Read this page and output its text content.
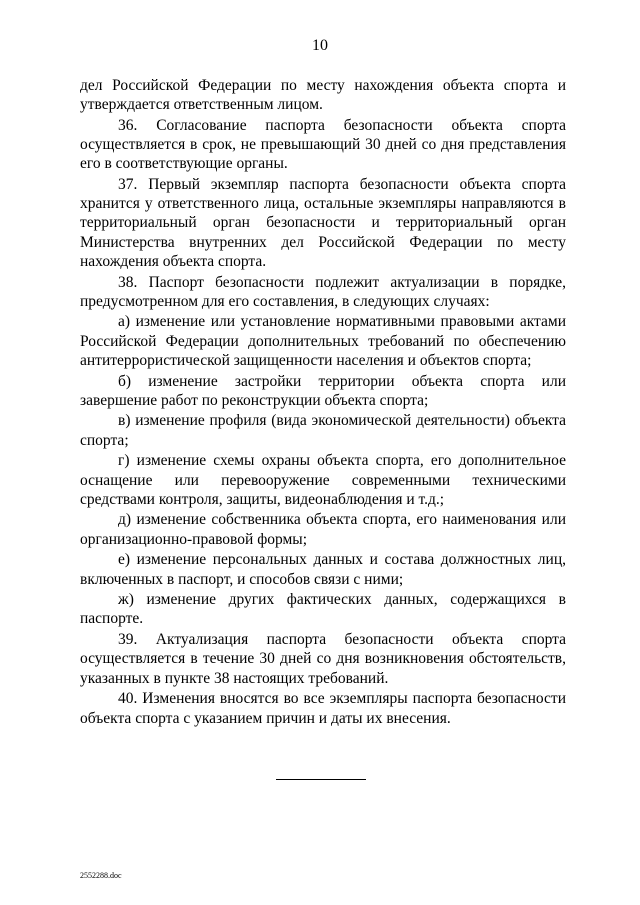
10

дел Российской Федерации по месту нахождения объекта спорта и утверждается ответственным лицом.

36. Согласование паспорта безопасности объекта спорта осуществляется в срок, не превышающий 30 дней со дня представления его в соответствующие органы.

37. Первый экземпляр паспорта безопасности объекта спорта хранится у ответственного лица, остальные экземпляры направляются в территориальный орган безопасности и территориальный орган Министерства внутренних дел Российской Федерации по месту нахождения объекта спорта.

38. Паспорт безопасности подлежит актуализации в порядке, предусмотренном для его составления, в следующих случаях:

а) изменение или установление нормативными правовыми актами Российской Федерации дополнительных требований по обеспечению антитеррористической защищенности населения и объектов спорта;

б) изменение застройки территории объекта спорта или завершение работ по реконструкции объекта спорта;

в) изменение профиля (вида экономической деятельности) объекта спорта;

г) изменение схемы охраны объекта спорта, его дополнительное оснащение или перевооружение современными техническими средствами контроля, защиты, видеонаблюдения и т.д.;

д) изменение собственника объекта спорта, его наименования или организационно-правовой формы;

е) изменение персональных данных и состава должностных лиц, включенных в паспорт, и способов связи с ними;

ж) изменение других фактических данных, содержащихся в паспорте.

39. Актуализация паспорта безопасности объекта спорта осуществляется в течение 30 дней со дня возникновения обстоятельств, указанных в пункте 38 настоящих требований.

40. Изменения вносятся во все экземпляры паспорта безопасности объекта спорта с указанием причин и даты их внесения.

2552288.doc
